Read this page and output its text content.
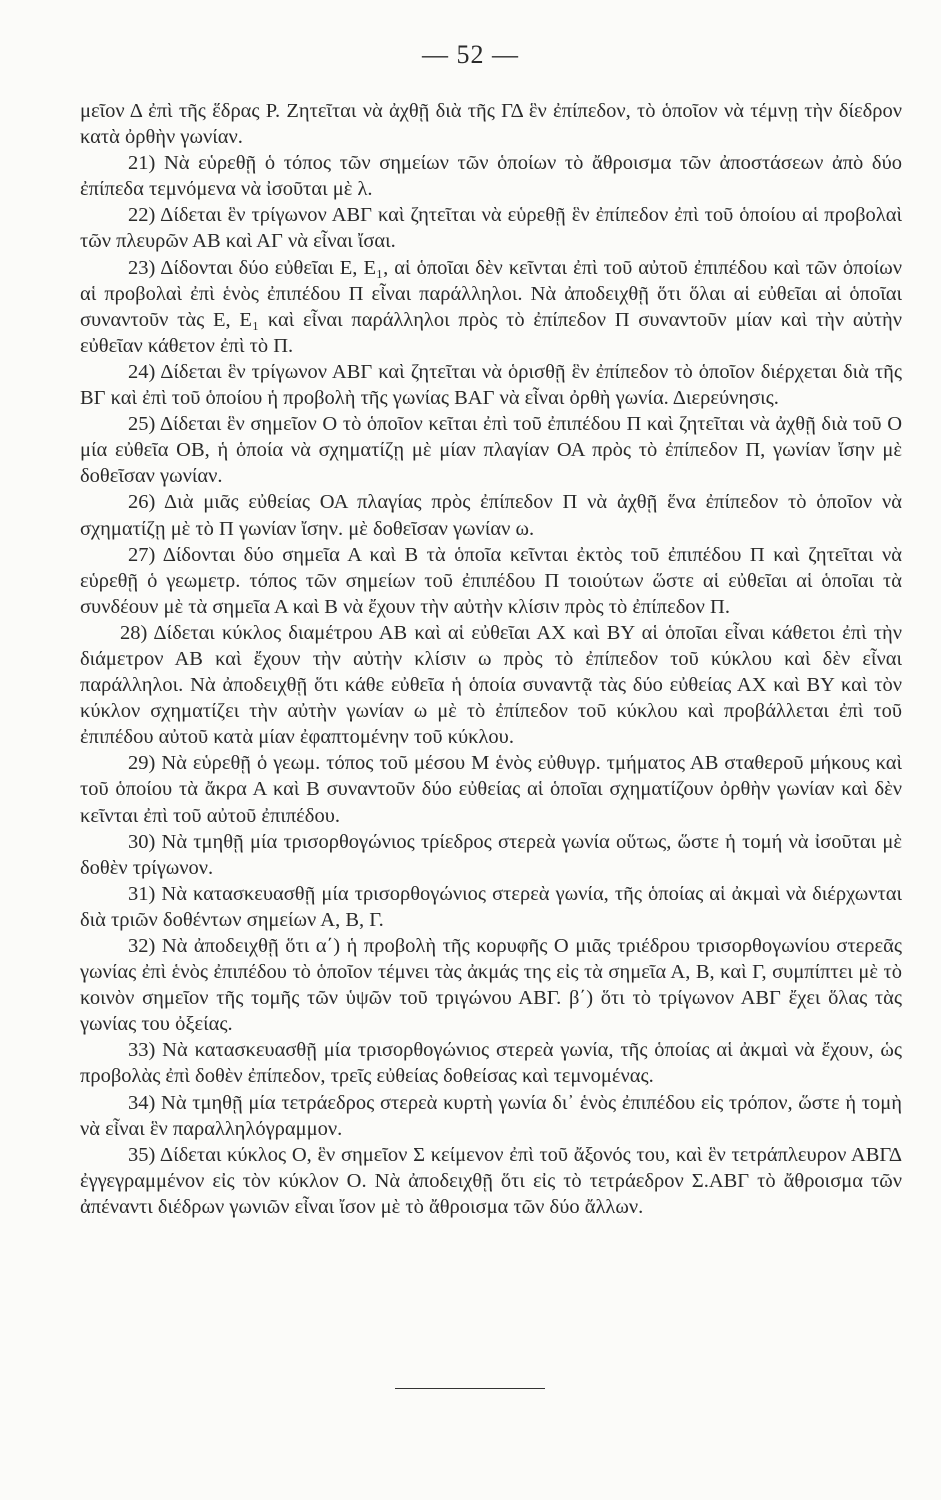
— 52 —

μεῖον Δ ἐπὶ τῆς ἕδρας Ρ. Ζητεῖται νὰ ἀχθῇ διὰ τῆς ΓΔ ἓν ἐπίπεδον, τὸ ὁποῖον νὰ τέμνῃ τὴν δίεδρον κατὰ ὀρθὴν γωνίαν.

21) Νὰ εὑρεθῇ ὁ τόπος τῶν σημείων τῶν ὁποίων τὸ ἄθροισμα τῶν ἀποστάσεων ἀπὸ δύο ἐπίπεδα τεμνόμενα νὰ ἰσοῦται μὲ λ.

22) Δίδεται ἓν τρίγωνον ΑΒΓ καὶ ζητεῖται νὰ εὑρεθῇ ἓν ἐπίπεδον ἐπὶ τοῦ ὁποίου αἱ προβολαὶ τῶν πλευρῶν ΑΒ καὶ ΑΓ νὰ εἶναι ἴσαι.

23) Δίδονται δύο εὐθεῖαι Ε, Ε₁, αἱ ὁποῖαι δὲν κεῖνται ἐπὶ τοῦ αὐτοῦ ἐπιπέδου καὶ τῶν ὁποίων αἱ προβολαὶ ἐπὶ ἑνὸς ἐπιπέδου Π εἶναι παράλληλοι. Νὰ ἀποδειχθῇ ὅτι ὅλαι αἱ εὐθεῖαι αἱ ὁποῖαι συναντοῦν τὰς Ε, Ε₁ καὶ εἶναι παράλληλοι πρὸς τὸ ἐπίπεδον Π συναντοῦν μίαν καὶ τὴν αὐτὴν εὐθεῖαν κάθετον ἐπὶ τὸ Π.

24) Δίδεται ἓν τρίγωνον ΑΒΓ καὶ ζητεῖται νὰ ὁρισθῇ ἓν ἐπίπεδον τὸ ὁποῖον διέρχεται διὰ τῆς ΒΓ καὶ ἐπὶ τοῦ ὁποίου ἡ προβολὴ τῆς γωνίας ΒΑΓ νὰ εἶναι ὀρθὴ γωνία. Διερεύνησις.

25) Δίδεται ἓν σημεῖον Ο τὸ ὁποῖον κεῖται ἐπὶ τοῦ ἐπιπέδου Π καὶ ζητεῖται νὰ ἀχθῇ διὰ τοῦ Ο μία εὐθεῖα ΟΒ, ἡ ὁποία νὰ σχηματίζῃ μὲ μίαν πλαγίαν ΟΑ πρὸς τὸ ἐπίπεδον Π, γωνίαν ἴσην μὲ δοθεῖσαν γωνίαν.

26) Διὰ μιᾶς εὐθείας ΟΑ πλαγίας πρὸς ἐπίπεδον Π νὰ ἀχθῇ ἕνα ἐπίπεδον τὸ ὁποῖον νὰ σχηματίζῃ μὲ τὸ Π γωνίαν ἴσην. μὲ δοθεῖσαν γωνίαν ω.

27) Δίδονται δύο σημεῖα Α καὶ Β τὰ ὁποῖα κεῖνται ἐκτὸς τοῦ ἐπιπέδου Π καὶ ζητεῖται νὰ εὑρεθῇ ὁ γεωμετρ. τόπος τῶν σημείων τοῦ ἐπιπέδου Π τοιούτων ὥστε αἱ εὐθεῖαι αἱ ὁποῖαι τὰ συνδέουν μὲ τὰ σημεῖα Α καὶ Β νὰ ἔχουν τὴν αὐτὴν κλίσιν πρὸς τὸ ἐπίπεδον Π.

28) Δίδεται κύκλος διαμέτρου ΑΒ καὶ αἱ εὐθεῖαι ΑΧ καὶ ΒΥ αἱ ὁποῖαι εἶναι κάθετοι ἐπὶ τὴν διάμετρον ΑΒ καὶ ἔχουν τὴν αὐτὴν κλίσιν ω πρὸς τὸ ἐπίπεδον τοῦ κύκλου καὶ δὲν εἶναι παράλληλοι. Νὰ ἀποδειχθῇ ὅτι κάθε εὐθεῖα ἡ ὁποία συναντᾷ τὰς δύο εὐθείας ΑΧ καὶ ΒΥ καὶ τὸν κύκλον σχηματίζει τὴν αὐτὴν γωνίαν ω μὲ τὸ ἐπίπεδον τοῦ κύκλου καὶ προβάλλεται ἐπὶ τοῦ ἐπιπέδου αὐτοῦ κατὰ μίαν ἐφαπτομένην τοῦ κύκλου.

29) Νὰ εὑρεθῇ ὁ γεωμ. τόπος τοῦ μέσου Μ ἑνὸς εὐθυγρ. τμήματος ΑΒ σταθεροῦ μήκους καὶ τοῦ ὁποίου τὰ ἄκρα Α καὶ Β συναντοῦν δύο εὐθείας αἱ ὁποῖαι σχηματίζουν ὀρθὴν γωνίαν καὶ δὲν κεῖνται ἐπὶ τοῦ αὐτοῦ ἐπιπέδου.

30) Νὰ τμηθῇ μία τρισορθογώνιος τρίεδρος στερεὰ γωνία οὕτως, ὥστε ἡ τομή νὰ ἰσοῦται μὲ δοθὲν τρίγωνον.

31) Νὰ κατασκευασθῇ μία τρισορθογώνιος στερεὰ γωνία, τῆς ὁποίας αἱ ἀκμαὶ νὰ διέρχωνται διὰ τριῶν δοθέντων σημείων Α, Β, Γ.

32) Νὰ ἀποδειχθῇ ὅτι α΄) ἡ προβολὴ τῆς κορυφῆς Ο μιᾶς τριέδρου τρισορθογωνίου στερεᾶς γωνίας ἐπὶ ἑνὸς ἐπιπέδου τὸ ὁποῖον τέμνει τὰς ἀκμάς της εἰς τὰ σημεῖα Α, Β, καὶ Γ, συμπίπτει μὲ τὸ κοινὸν σημεῖον τῆς τομῆς τῶν ὑψῶν τοῦ τριγώνου ΑΒΓ. β΄) ὅτι τὸ τρίγωνον ΑΒΓ ἔχει ὅλας τὰς γωνίας του ὀξείας.

33) Νὰ κατασκευασθῇ μία τρισορθογώνιος στερεὰ γωνία, τῆς ὁποίας αἱ ἀκμαὶ νὰ ἔχουν, ὡς προβολὰς ἐπὶ δοθὲν ἐπίπεδον, τρεῖς εὐθείας δοθείσας καὶ τεμνομένας.

34) Νὰ τμηθῇ μία τετράεδρος στερεὰ κυρτὴ γωνία δι᾽ ἑνὸς ἐπιπέδου εἰς τρόπον, ὥστε ἡ τομὴ νὰ εἶναι ἓν παραλληλόγραμμον.

35) Δίδεται κύκλος Ο, ἓν σημεῖον Σ κείμενον ἐπὶ τοῦ ἄξονός του, καὶ ἓν τετράπλευρον ΑΒΓΔ ἐγγεγραμμένον εἰς τὸν κύκλον Ο. Νὰ ἀποδειχθῇ ὅτι εἰς τὸ τετράεδρον Σ.ΑΒΓ τὸ ἄθροισμα τῶν ἀπέναντι διέδρων γωνιῶν εἶναι ἴσον μὲ τὸ ἄθροισμα τῶν δύο ἄλλων.
